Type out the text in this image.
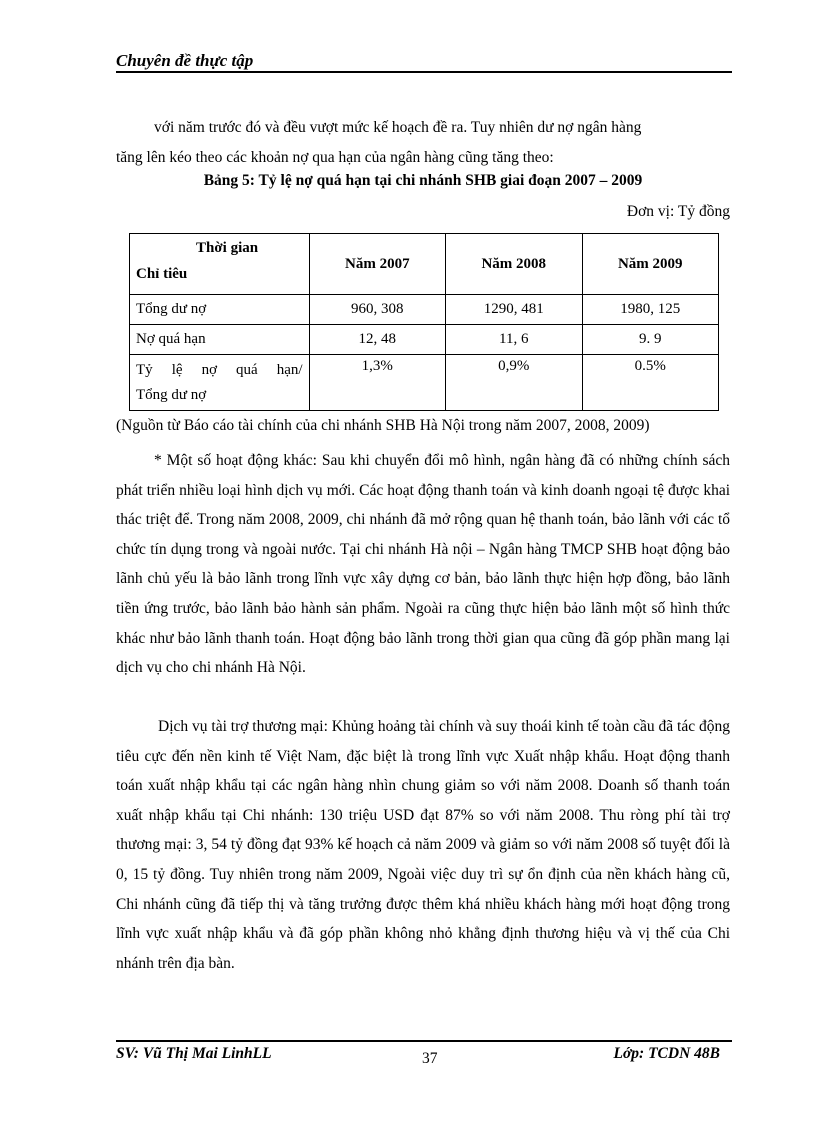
Chuyên đề thực tập
với năm trước đó và đều vượt mức kế hoạch đề ra. Tuy nhiên dư nợ ngân hàng
tăng lên kéo theo các khoản nợ qua hạn của ngân hàng cũng tăng theo:
Bảng 5: Tỷ lệ nợ quá hạn tại chi nhánh SHB giai đoạn 2007 – 2009
Đơn vị: Tỷ đồng
Thời gian
Chỉ tiêu	Năm 2007	Năm 2008	Năm 2009
Tổng dư nợ	960, 308	1290, 481	1980, 125
Nợ quá hạn	12, 48	11, 6	9. 9

Tỷ lệ nợ quá hạn/
Tổng dư nợ	1,3%	0,9%	0.5%
(Nguồn từ Báo cáo tài chính của chi nhánh SHB Hà Nội trong năm 2007, 2008, 2009)

* Một số hoạt động khác: Sau khi chuyển đổi mô hình, ngân hàng đã có những chính sách phát triển nhiều loại hình dịch vụ mới. Các hoạt động thanh toán và kinh doanh ngoại tệ được khai thác triệt để. Trong năm 2008, 2009, chi nhánh đã mở rộng quan hệ thanh toán, bảo lãnh với các tổ chức tín dụng trong và ngoài nước. Tại chi nhánh Hà nội – Ngân hàng TMCP SHB hoạt động bảo lãnh chủ yếu là bảo lãnh trong lĩnh vực xây dựng cơ bản, bảo lãnh thực hiện hợp đồng, bảo lãnh tiền ứng trước, bảo lãnh bảo hành sản phẩm. Ngoài ra cũng thực hiện bảo lãnh một số hình thức khác như bảo lãnh thanh toán. Hoạt động bảo lãnh trong thời gian qua cũng đã góp phần mang lại dịch vụ cho chi nhánh Hà Nội.

Dịch vụ tài trợ thương mại: Khủng hoảng tài chính và suy thoái kinh tế toàn cầu đã tác động tiêu cực đến nền kinh tế Việt Nam, đặc biệt là trong lĩnh vực Xuất nhập khẩu. Hoạt động thanh toán xuất nhập khẩu tại các ngân hàng nhìn chung giảm so với năm 2008. Doanh số thanh toán xuất nhập khẩu tại Chi nhánh: 130 triệu USD đạt 87% so với năm 2008. Thu ròng phí tài trợ thương mại: 3, 54 tỷ đồng đạt 93% kế hoạch cả năm 2009 và giảm so với năm 2008 số tuyệt đối là 0, 15 tỷ đồng. Tuy nhiên trong năm 2009, Ngoài việc duy trì sự ổn định của nền khách hàng cũ, Chi nhánh cũng đã tiếp thị và tăng trưởng được thêm khá nhiều khách hàng mới hoạt động trong lĩnh vực xuất nhập khẩu và đã góp phần không nhỏ khẳng định thương hiệu và vị thế của Chi nhánh trên địa bàn.

SV: Vũ Thị Mai LinhLL	37	Lớp: TCDN 48B
